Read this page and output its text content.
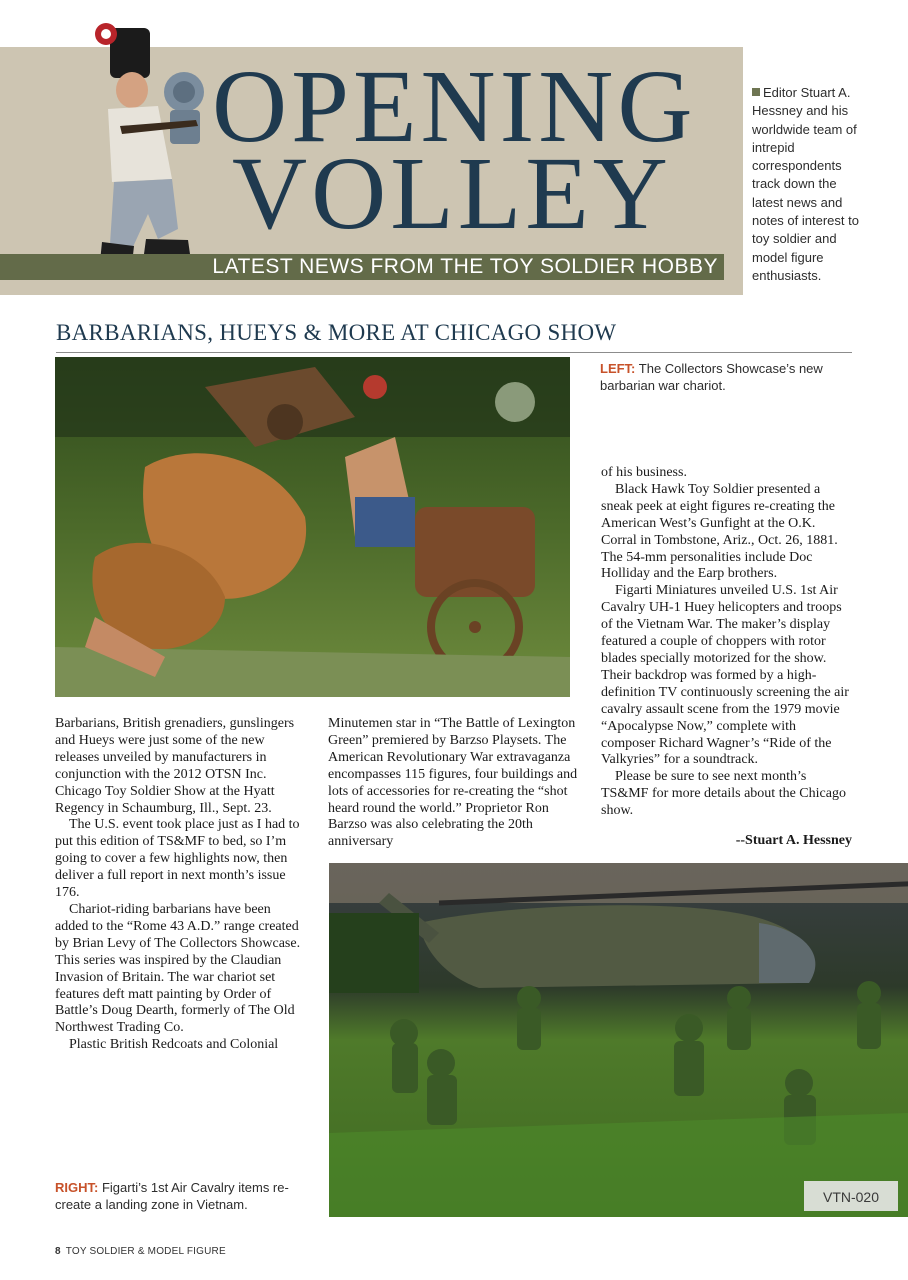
OPENING
VOLLEY
LATEST NEWS FROM THE TOY SOLDIER HOBBY
Editor Stuart A. Hessney and his worldwide team of intrepid correspondents track down the latest news and notes of interest to toy soldier and model figure enthusiasts.
BARBARIANS, HUEYS & MORE AT CHICAGO SHOW
LEFT: The Collectors Showcase’s new barbarian war chariot.

Barbarians, British grenadiers, gunslingers and Hueys were just some of the new releases unveiled by manufacturers in conjunction with the 2012 OTSN Inc. Chicago Toy Soldier Show at the Hyatt Regency in Schaumburg, Ill., Sept. 23.

The U.S. event took place just as I had to put this edition of TS&MF to bed, so I’m going to cover a few highlights now, then deliver a full report in next month’s issue 176.

Chariot-riding barbarians have been added to the “Rome 43 A.D.” range created by Brian Levy of The Collectors Showcase. This series was inspired by the Claudian Invasion of Britain. The war chariot set features deft matt painting by Order of Battle’s Doug Dearth, formerly of The Old Northwest Trading Co.

Plastic British Redcoats and Colonial

Minutemen star in “The Battle of Lexington Green” premiered by Barzso Playsets. The American Revolutionary War extravaganza encompasses 115 figures, four buildings and lots of accessories for re-creating the “shot heard round the world.” Proprietor Ron Barzso was also celebrating the 20th anniversary

of his business.

Black Hawk Toy Soldier presented a sneak peek at eight figures re-creating the American West’s Gunfight at the O.K. Corral in Tombstone, Ariz., Oct. 26, 1881. The 54-mm personalities include Doc Holliday and the Earp brothers.

Figarti Miniatures unveiled U.S. 1st Air Cavalry UH-1 Huey helicopters and troops of the Vietnam War. The maker’s display featured a couple of choppers with rotor blades specially motorized for the show. Their backdrop was formed by a high-definition TV continuously screening the air cavalry assault scene from the 1979 movie “Apocalypse Now,” complete with composer Richard Wagner’s “Ride of the Valkyries” for a soundtrack.

Please be sure to see next month’s TS&MF for more details about the Chicago show.

--Stuart A. Hessney
VTN-020
RIGHT: Figarti’s 1st Air Cavalry items re-create a landing zone in Vietnam.
8 TOY SOLDIER & MODEL FIGURE
